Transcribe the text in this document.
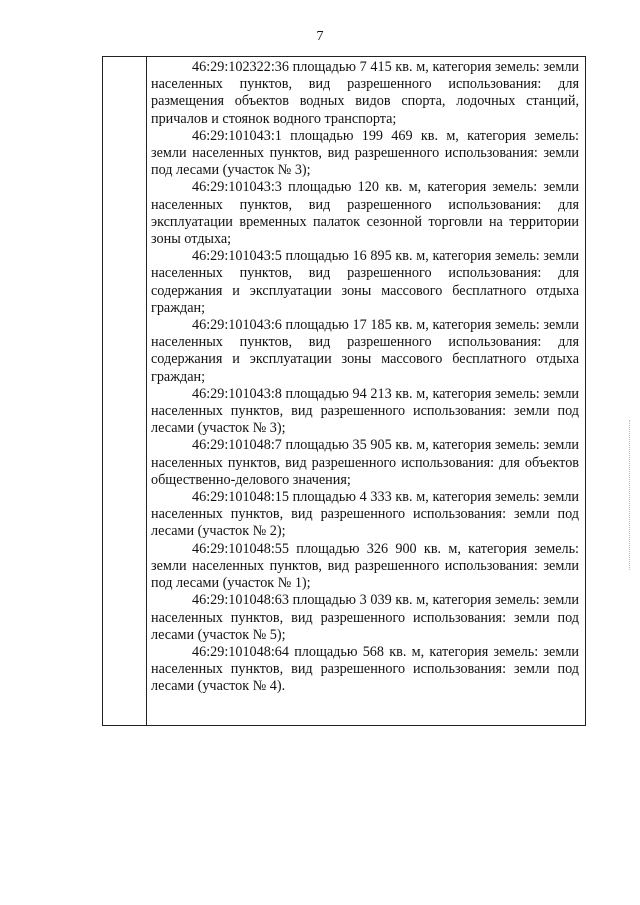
7

46:29:102322:36 площадью 7 415 кв. м, категория земель: земли населенных пунктов, вид разрешенного использования: для размещения объектов водных видов спорта, лодочных станций, причалов и стоянок водного транспорта;

46:29:101043:1 площадью 199 469 кв. м, категория земель: земли населенных пунктов, вид разрешенного использования: земли под лесами (участок № 3);

46:29:101043:3 площадью 120 кв. м, категория земель: земли населенных пунктов, вид разрешенного использования: для эксплуатации временных палаток сезонной торговли на территории зоны отдыха;

46:29:101043:5 площадью 16 895 кв. м, категория земель: земли населенных пунктов, вид разрешенного использования: для содержания и эксплуатации зоны массового бесплатного отдыха граждан;

46:29:101043:6 площадью 17 185 кв. м, категория земель: земли населенных пунктов, вид разрешенного использования: для содержания и эксплуатации зоны массового бесплатного отдыха граждан;

46:29:101043:8 площадью 94 213 кв. м, категория земель: земли населенных пунктов, вид разрешенного использования: земли под лесами (участок № 3);

46:29:101048:7 площадью 35 905 кв. м, категория земель: земли населенных пунктов, вид разрешенного использования: для объектов общественно-делового значения;

46:29:101048:15 площадью 4 333 кв. м, категория земель: земли населенных пунктов, вид разрешенного использования: земли под лесами (участок № 2);

46:29:101048:55 площадью 326 900 кв. м, категория земель: земли населенных пунктов, вид разрешенного использования: земли под лесами (участок № 1);

46:29:101048:63 площадью 3 039 кв. м, категория земель: земли населенных пунктов, вид разрешенного использования: земли под лесами (участок № 5);

46:29:101048:64 площадью 568 кв. м, категория земель: земли населенных пунктов, вид разрешенного использования: земли под лесами (участок № 4).
